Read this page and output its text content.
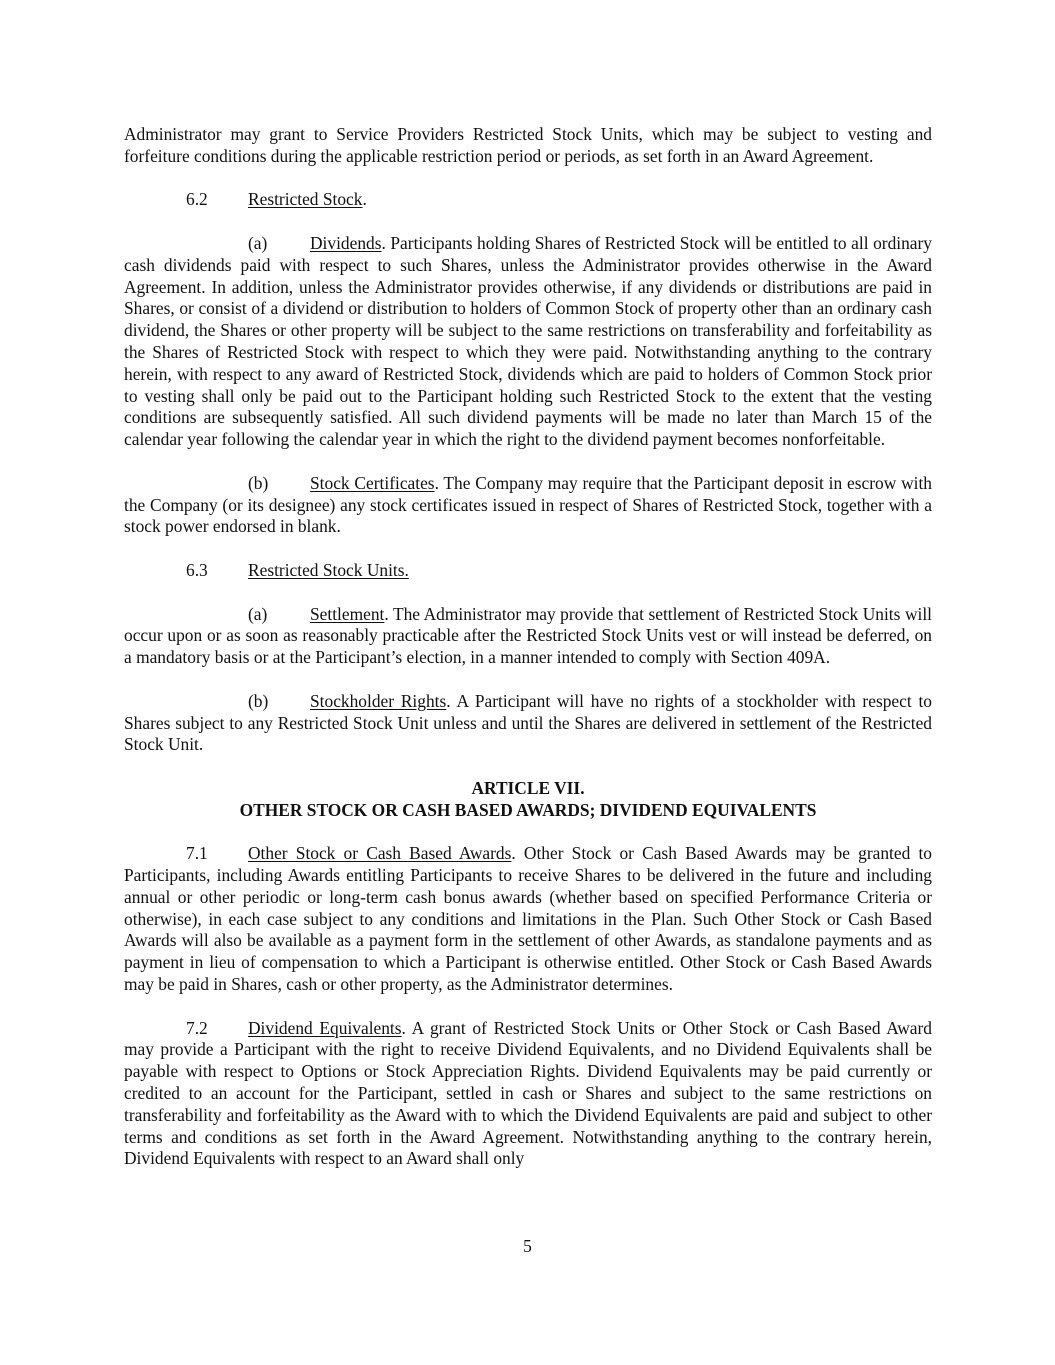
Administrator may grant to Service Providers Restricted Stock Units, which may be subject to vesting and forfeiture conditions during the applicable restriction period or periods, as set forth in an Award Agreement.

6.2 Restricted Stock.

(a) Dividends. Participants holding Shares of Restricted Stock will be entitled to all ordinary cash dividends paid with respect to such Shares, unless the Administrator provides otherwise in the Award Agreement. In addition, unless the Administrator provides otherwise, if any dividends or distributions are paid in Shares, or consist of a dividend or distribution to holders of Common Stock of property other than an ordinary cash dividend, the Shares or other property will be subject to the same restrictions on transferability and forfeitability as the Shares of Restricted Stock with respect to which they were paid. Notwithstanding anything to the contrary herein, with respect to any award of Restricted Stock, dividends which are paid to holders of Common Stock prior to vesting shall only be paid out to the Participant holding such Restricted Stock to the extent that the vesting conditions are subsequently satisfied. All such dividend payments will be made no later than March 15 of the calendar year following the calendar year in which the right to the dividend payment becomes nonforfeitable.

(b) Stock Certificates. The Company may require that the Participant deposit in escrow with the Company (or its designee) any stock certificates issued in respect of Shares of Restricted Stock, together with a stock power endorsed in blank.

6.3 Restricted Stock Units.

(a) Settlement. The Administrator may provide that settlement of Restricted Stock Units will occur upon or as soon as reasonably practicable after the Restricted Stock Units vest or will instead be deferred, on a mandatory basis or at the Participant’s election, in a manner intended to comply with Section 409A.

(b) Stockholder Rights. A Participant will have no rights of a stockholder with respect to Shares subject to any Restricted Stock Unit unless and until the Shares are delivered in settlement of the Restricted Stock Unit.

ARTICLE VII.
OTHER STOCK OR CASH BASED AWARDS; DIVIDEND EQUIVALENTS

7.1 Other Stock or Cash Based Awards. Other Stock or Cash Based Awards may be granted to Participants, including Awards entitling Participants to receive Shares to be delivered in the future and including annual or other periodic or long-term cash bonus awards (whether based on specified Performance Criteria or otherwise), in each case subject to any conditions and limitations in the Plan. Such Other Stock or Cash Based Awards will also be available as a payment form in the settlement of other Awards, as standalone payments and as payment in lieu of compensation to which a Participant is otherwise entitled. Other Stock or Cash Based Awards may be paid in Shares, cash or other property, as the Administrator determines.

7.2 Dividend Equivalents. A grant of Restricted Stock Units or Other Stock or Cash Based Award may provide a Participant with the right to receive Dividend Equivalents, and no Dividend Equivalents shall be payable with respect to Options or Stock Appreciation Rights. Dividend Equivalents may be paid currently or credited to an account for the Participant, settled in cash or Shares and subject to the same restrictions on transferability and forfeitability as the Award with to which the Dividend Equivalents are paid and subject to other terms and conditions as set forth in the Award Agreement. Notwithstanding anything to the contrary herein, Dividend Equivalents with respect to an Award shall only

5
